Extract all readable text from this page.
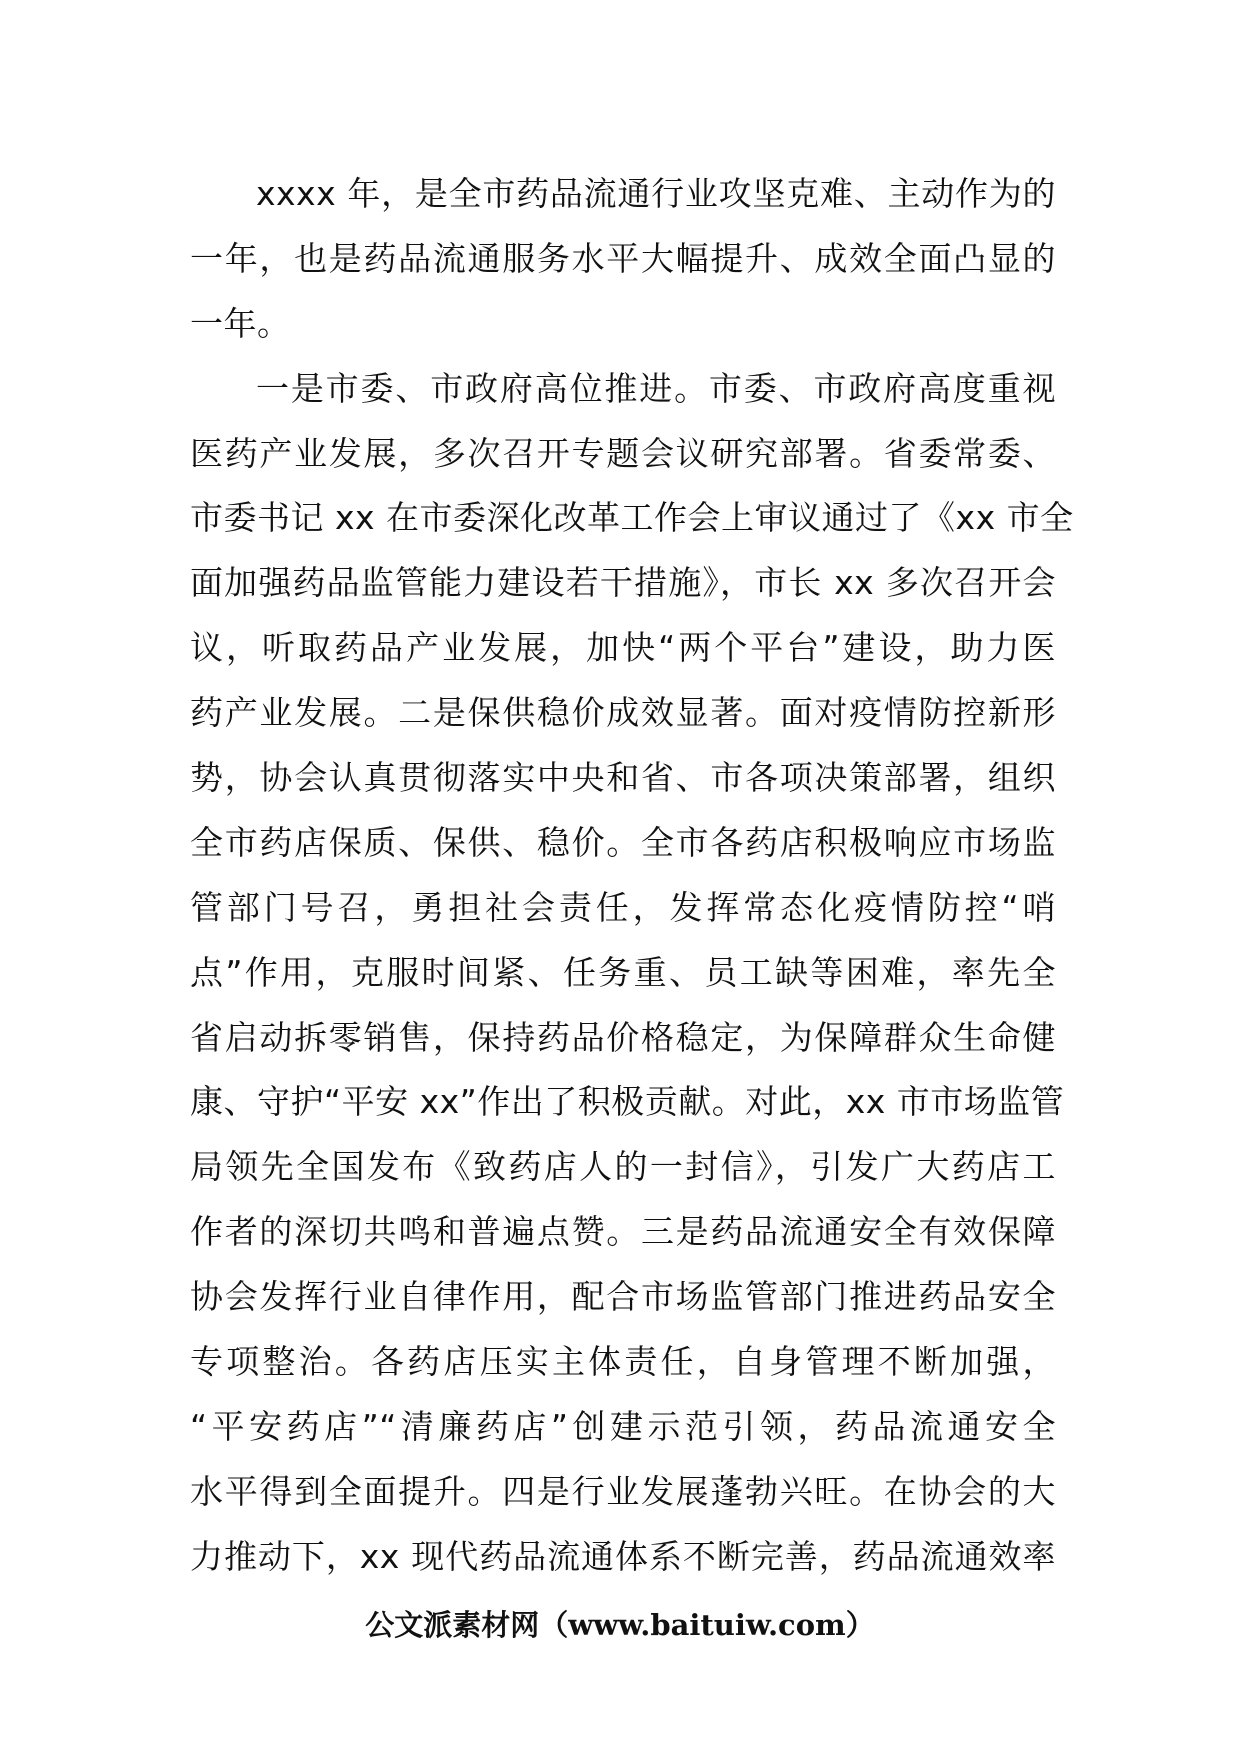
xxxx 年，是全市药品流通行业攻坚克难、主动作为的
一年，也是药品流通服务水平大幅提升、成效全面凸显的
一年。
一是市委、市政府高位推进。市委、市政府高度重视
医药产业发展，多次召开专题会议研究部署。省委常委、
市委书记 xx 在市委深化改革工作会上审议通过了《xx 市全
面加强药品监管能力建设若干措施》，市长 xx 多次召开会
议，听取药品产业发展，加快“两个平台”建设，助力医
药产业发展。二是保供稳价成效显著。面对疫情防控新形
势，协会认真贯彻落实中央和省、市各项决策部署，组织
全市药店保质、保供、稳价。全市各药店积极响应市场监
管部门号召，勇担社会责任，发挥常态化疫情防控“哨
点”作用，克服时间紧、任务重、员工缺等困难，率先全
省启动拆零销售，保持药品价格稳定，为保障群众生命健
康、守护“平安 xx”作出了积极贡献。对此，xx 市市场监管
局领先全国发布《致药店人的一封信》，引发广大药店工
作者的深切共鸣和普遍点赞。三是药品流通安全有效保障
协会发挥行业自律作用，配合市场监管部门推进药品安全
专项整治。各药店压实主体责任，自身管理不断加强，
“平安药店”“清廉药店”创建示范引领，药品流通安全
水平得到全面提升。四是行业发展蓬勃兴旺。在协会的大
力推动下，xx 现代药品流通体系不断完善，药品流通效率
公文派素材网（www.baituiw.com）
